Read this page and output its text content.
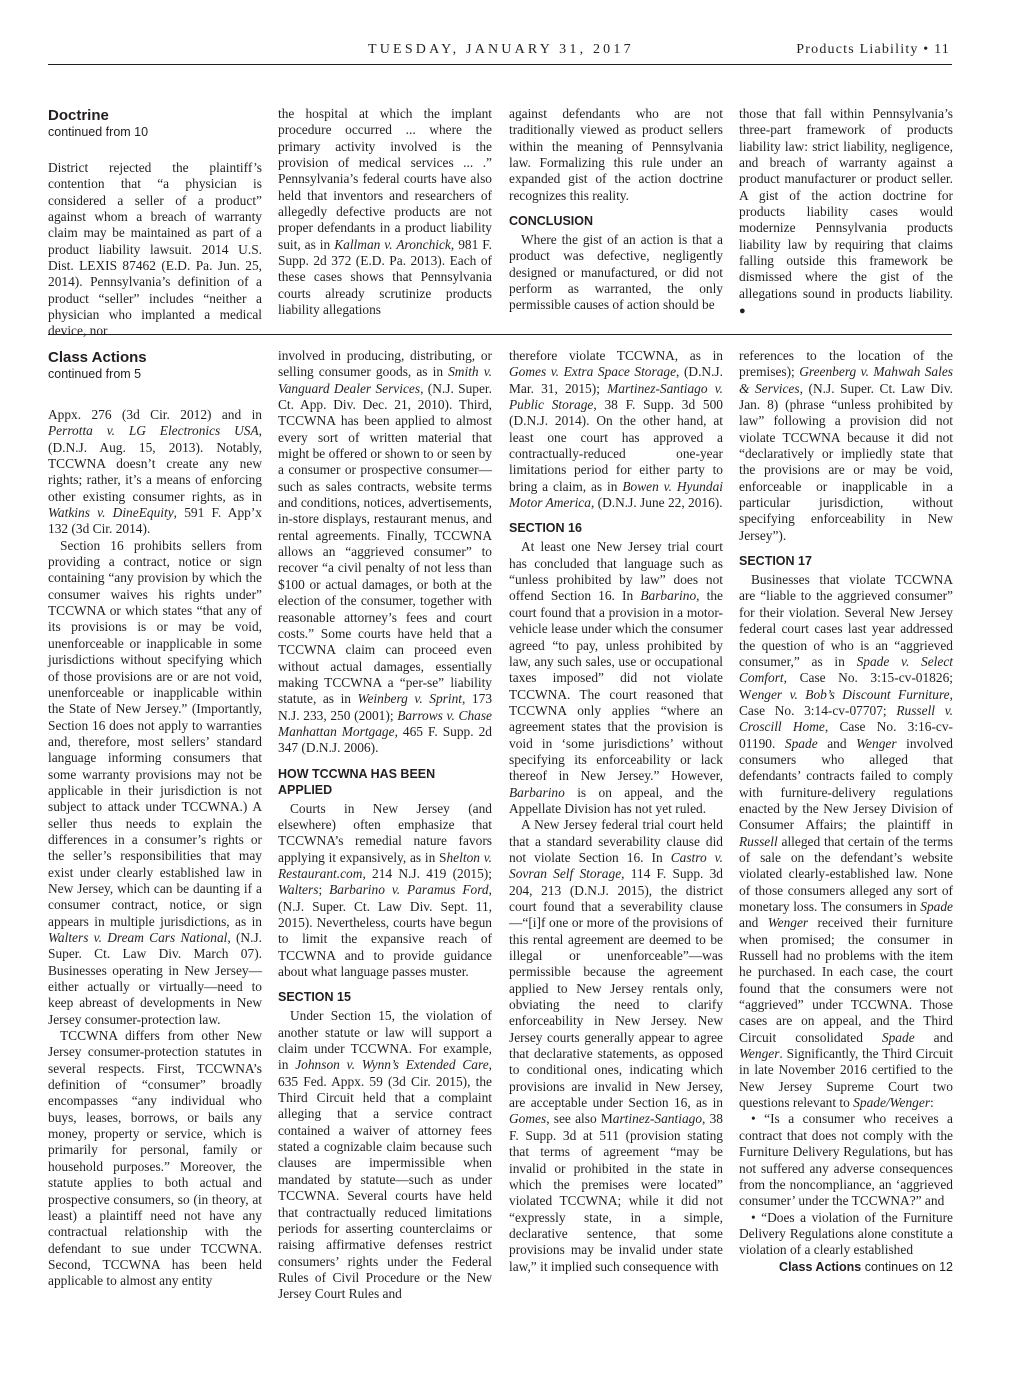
TUESDAY, JANUARY 31, 2017	Products Liability • 11
Doctrine
continued from 10

District rejected the plaintiff’s contention that “a physician is considered a seller of a product” against whom a breach of warranty claim may be maintained as part of a product liability lawsuit. 2014 U.S. Dist. LEXIS 87462 (E.D. Pa. Jun. 25, 2014). Pennsylvania’s definition of a product “seller” includes “neither a physician who implanted a medical device, nor

the hospital at which the implant procedure occurred ... where the primary activity involved is the provision of medical services ... .” Pennsylvania’s federal courts have also held that inventors and researchers of allegedly defective products are not proper defendants in a product liability suit, as in Kallman v. Aronchick, 981 F. Supp. 2d 372 (E.D. Pa. 2013). Each of these cases shows that Pennsylvania courts already scrutinize products liability allegations

against defendants who are not traditionally viewed as product sellers within the meaning of Pennsylvania law. Formalizing this rule under an expanded gist of the action doctrine recognizes this reality.

CONCLUSION

Where the gist of an action is that a product was defective, negligently designed or manufactured, or did not perform as warranted, the only permissible causes of action should be

those that fall within Pennsylvania’s three-part framework of products liability law: strict liability, negligence, and breach of warranty against a product manufacturer or product seller. A gist of the action doctrine for products liability cases would modernize Pennsylvania products liability law by requiring that claims falling outside this framework be dismissed where the gist of the allegations sound in products liability. ●

Class Actions
continued from 5

Appx. 276 (3d Cir. 2012) and in Perrotta v. LG Electronics USA, (D.N.J. Aug. 15, 2013). Notably, TCCWNA doesn’t create any new rights; rather, it’s a means of enforcing other existing consumer rights, as in Watkins v. DineEquity, 591 F. App’x 132 (3d Cir. 2014).

Section 16 prohibits sellers from providing a contract, notice or sign containing “any provision by which the consumer waives his rights under” TCCWNA or which states “that any of its provisions is or may be void, unenforceable or inapplicable in some jurisdictions without specifying which of those provisions are or are not void, unenforceable or inapplicable within the State of New Jersey.” (Importantly, Section 16 does not apply to warranties and, therefore, most sellers’ standard language informing consumers that some warranty provisions may not be applicable in their jurisdiction is not subject to attack under TCCWNA.) A seller thus needs to explain the differences in a consumer’s rights or the seller’s responsibilities that may exist under clearly established law in New Jersey, which can be daunting if a consumer contract, notice, or sign appears in multiple jurisdictions, as in Walters v. Dream Cars National, (N.J. Super. Ct. Law Div. March 07). Businesses operating in New Jersey—either actually or virtually—need to keep abreast of developments in New Jersey consumer-protection law.

TCCWNA differs from other New Jersey consumer-protection statutes in several respects. First, TCCWNA’s definition of “consumer” broadly encompasses “any individual who buys, leases, borrows, or bails any money, property or service, which is primarily for personal, family or household purposes.” Moreover, the statute applies to both actual and prospective consumers, so (in theory, at least) a plaintiff need not have any contractual relationship with the defendant to sue under TCCWNA. Second, TCCWNA has been held applicable to almost any entity

involved in producing, distributing, or selling consumer goods, as in Smith v. Vanguard Dealer Services, (N.J. Super. Ct. App. Div. Dec. 21, 2010). Third, TCCWNA has been applied to almost every sort of written material that might be offered or shown to or seen by a consumer or prospective consumer—such as sales contracts, website terms and conditions, notices, advertisements, in-store displays, restaurant menus, and rental agreements. Finally, TCCWNA allows an “aggrieved consumer” to recover “a civil penalty of not less than $100 or actual damages, or both at the election of the consumer, together with reasonable attorney’s fees and court costs.” Some courts have held that a TCCWNA claim can proceed even without actual damages, essentially making TCCWNA a “per-se” liability statute, as in Weinberg v. Sprint, 173 N.J. 233, 250 (2001); Barrows v. Chase Manhattan Mortgage, 465 F. Supp. 2d 347 (D.N.J. 2006).

HOW TCCWNA HAS BEEN APPLIED

Courts in New Jersey (and elsewhere) often emphasize that TCCWNA’s remedial nature favors applying it expansively, as in Shelton v. Restaurant.com, 214 N.J. 419 (2015); Walters; Barbarino v. Paramus Ford, (N.J. Super. Ct. Law Div. Sept. 11, 2015). Nevertheless, courts have begun to limit the expansive reach of TCCWNA and to provide guidance about what language passes muster.

SECTION 15

Under Section 15, the violation of another statute or law will support a claim under TCCWNA. For example, in Johnson v. Wynn’s Extended Care, 635 Fed. Appx. 59 (3d Cir. 2015), the Third Circuit held that a complaint alleging that a service contract contained a waiver of attorney fees stated a cognizable claim because such clauses are impermissible when mandated by statute—such as under TCCWNA. Several courts have held that contractually reduced limitations periods for asserting counterclaims or raising affirmative defenses restrict consumers’ rights under the Federal Rules of Civil Procedure or the New Jersey Court Rules and

therefore violate TCCWNA, as in Gomes v. Extra Space Storage, (D.N.J. Mar. 31, 2015); Martinez-Santiago v. Public Storage, 38 F. Supp. 3d 500 (D.N.J. 2014). On the other hand, at least one court has approved a contractually-reduced one-year limitations period for either party to bring a claim, as in Bowen v. Hyundai Motor America, (D.N.J. June 22, 2016).

SECTION 16

At least one New Jersey trial court has concluded that language such as “unless prohibited by law” does not offend Section 16. In Barbarino, the court found that a provision in a motor-vehicle lease under which the consumer agreed “to pay, unless prohibited by law, any such sales, use or occupational taxes imposed” did not violate TCCWNA. The court reasoned that TCCWNA only applies “where an agreement states that the provision is void in ‘some jurisdictions’ without specifying its enforceability or lack thereof in New Jersey.” However, Barbarino is on appeal, and the Appellate Division has not yet ruled.

A New Jersey federal trial court held that a standard severability clause did not violate Section 16. In Castro v. Sovran Self Storage, 114 F. Supp. 3d 204, 213 (D.N.J. 2015), the district court found that a severability clause—“[i]f one or more of the provisions of this rental agreement are deemed to be illegal or unenforceable”—was permissible because the agreement applied to New Jersey rentals only, obviating the need to clarify enforceability in New Jersey. New Jersey courts generally appear to agree that declarative statements, as opposed to conditional ones, indicating which provisions are invalid in New Jersey, are acceptable under Section 16, as in Gomes, see also Martinez-Santiago, 38 F. Supp. 3d at 511 (provision stating that terms of agreement “may be invalid or prohibited in the state in which the premises were located” violated TCCWNA; while it did not “expressly state, in a simple, declarative sentence, that some provisions may be invalid under state law,” it implied such consequence with

references to the location of the premises); Greenberg v. Mahwah Sales & Services, (N.J. Super. Ct. Law Div. Jan. 8) (phrase “unless prohibited by law” following a provision did not violate TCCWNA because it did not “declaratively or impliedly state that the provisions are or may be void, enforceable or inapplicable in a particular jurisdiction, without specifying enforceability in New Jersey”).

SECTION 17

Businesses that violate TCCWNA are “liable to the aggrieved consumer” for their violation. Several New Jersey federal court cases last year addressed the question of who is an “aggrieved consumer,” as in Spade v. Select Comfort, Case No. 3:15-cv-01826; Wenger v. Bob’s Discount Furniture, Case No. 3:14-cv-07707; Russell v. Croscill Home, Case No. 3:16-cv-01190. Spade and Wenger involved consumers who alleged that defendants’ contracts failed to comply with furniture-delivery regulations enacted by the New Jersey Division of Consumer Affairs; the plaintiff in Russell alleged that certain of the terms of sale on the defendant’s website violated clearly-established law. None of those consumers alleged any sort of monetary loss. The consumers in Spade and Wenger received their furniture when promised; the consumer in Russell had no problems with the item he purchased. In each case, the court found that the consumers were not “aggrieved” under TCCWNA. Those cases are on appeal, and the Third Circuit consolidated Spade and Wenger. Significantly, the Third Circuit in late November 2016 certified to the New Jersey Supreme Court two questions relevant to Spade/Wenger:

• “Is a consumer who receives a contract that does not comply with the Furniture Delivery Regulations, but has not suffered any adverse consequences from the noncompliance, an ‘aggrieved consumer’ under the TCCWNA?” and

• “Does a violation of the Furniture Delivery Regulations alone constitute a violation of a clearly established

Class Actions continues on 12
